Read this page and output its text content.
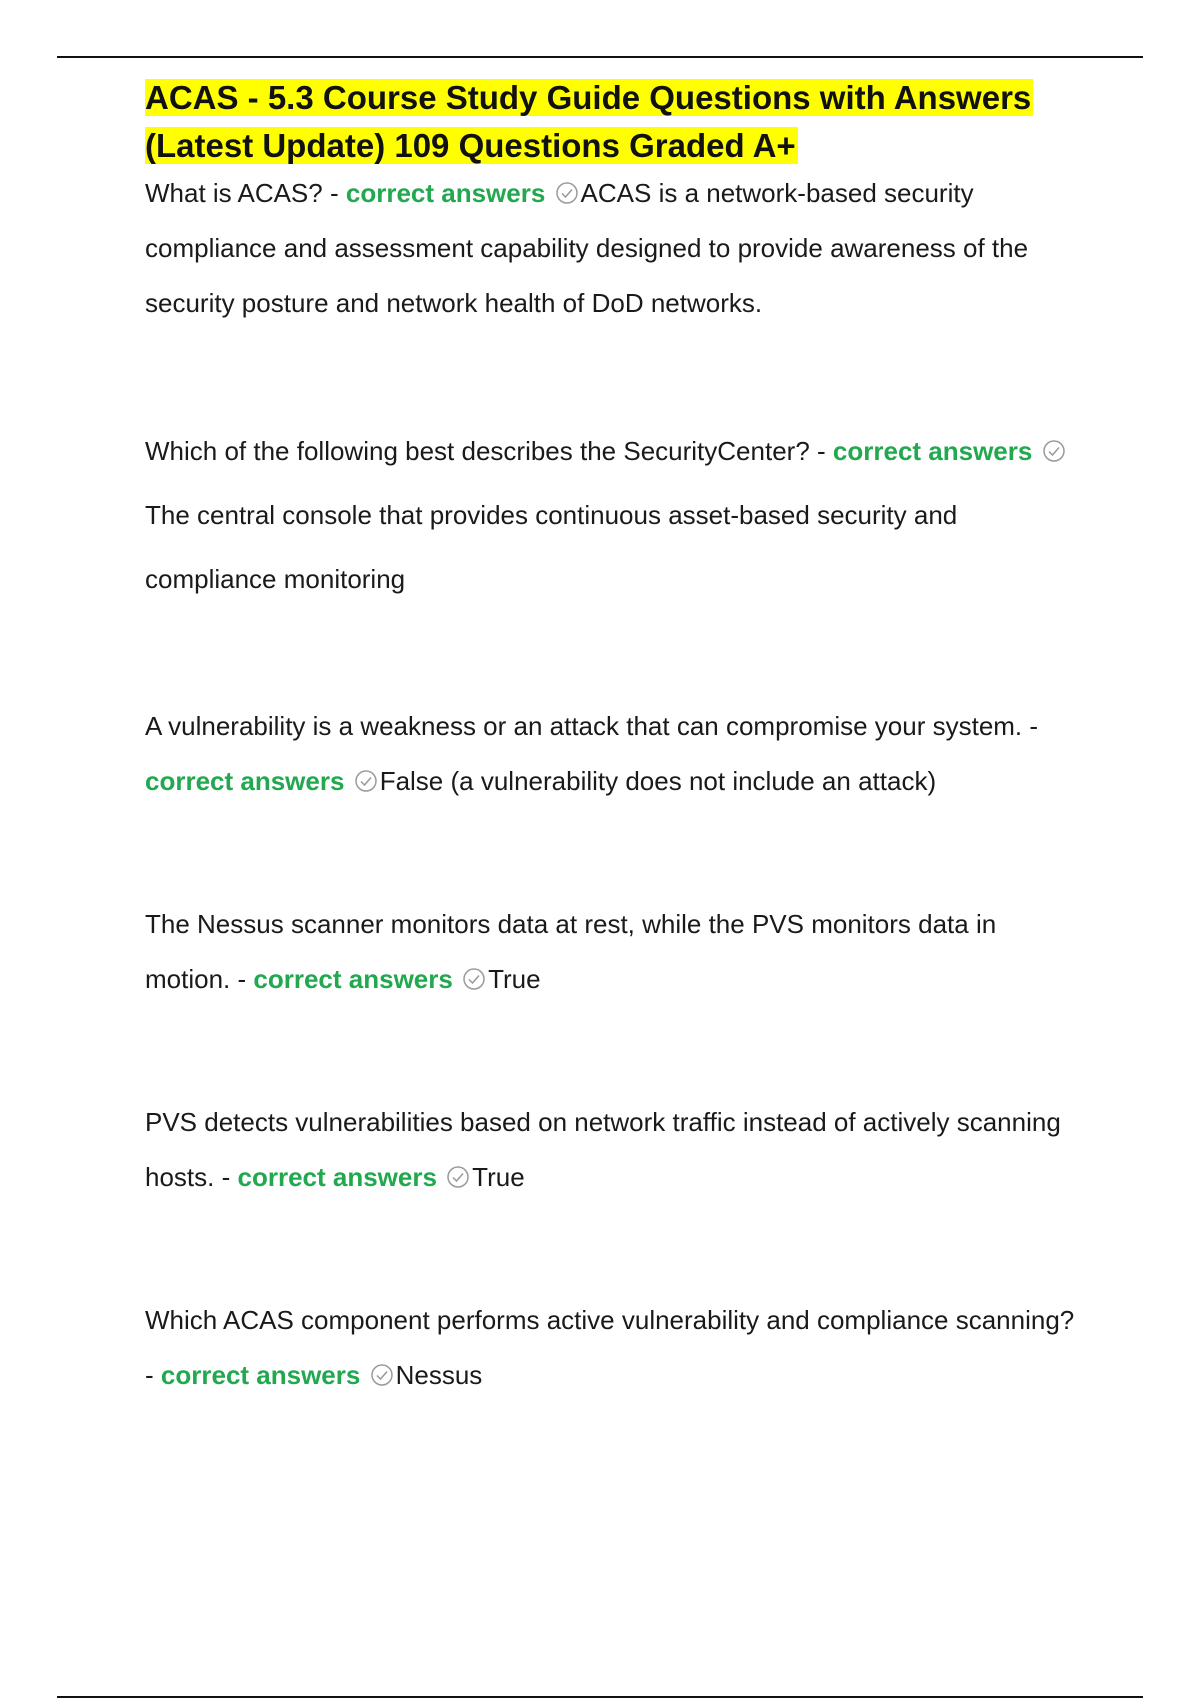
ACAS - 5.3 Course Study Guide Questions with Answers (Latest Update) 109 Questions Graded A+

What is ACAS? - correct answers ACAS is a network-based security compliance and assessment capability designed to provide awareness of the security posture and network health of DoD networks.

Which of the following best describes the SecurityCenter? - correct answers The central console that provides continuous asset-based security and compliance monitoring

A vulnerability is a weakness or an attack that can compromise your system. - correct answers False (a vulnerability does not include an attack)

The Nessus scanner monitors data at rest, while the PVS monitors data in motion. - correct answers True

PVS detects vulnerabilities based on network traffic instead of actively scanning hosts. - correct answers True

Which ACAS component performs active vulnerability and compliance scanning? - correct answers Nessus
